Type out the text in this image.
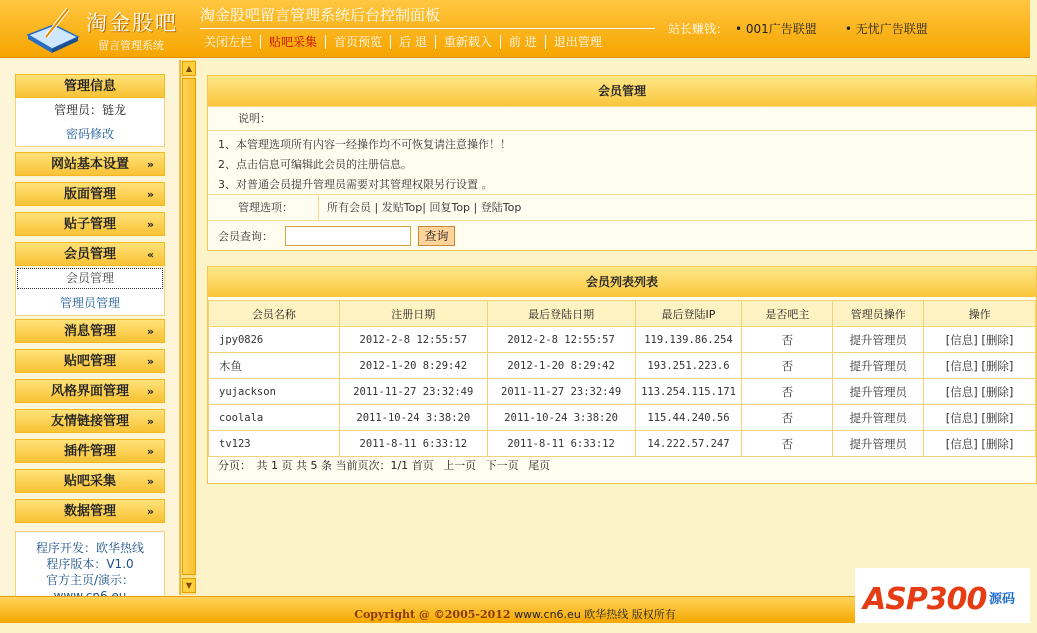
淘金股吧
留言管理系统
淘金股吧留言管理系统后台控制面板
关闭左栏	贴吧采集	首页预览	后 退	重新载入	前 进	退出管理
站长赚钱：	• 001广告联盟	• 无忧广告联盟
管理信息
管理员：链龙
密码修改
网站基本设置 »
版面管理	»
贴子管理	»
会员管理	»
会员管理
管理员管理
消息管理	»
贴吧管理	»
风格界面管理 »
友情链接管理 »
插件管理	»
贴吧采集	»
数据管理	»
程序开发：欧华热线
程序版本：V1.0
官方主页/演示：
▲
▼
会员管理
说明：
1、本管理选项所有内容一经操作均不可恢复请注意操作！！
2、点击信息可编辑此会员的注册信息。
3、对普通会员提升管理员需要对其管理权限另行设置 。
管理选项：	所有会员 | 发贴Top| 回复Top | 登陆Top
会员查询：	查询
会员列表列表
会员名称	注册日期	最后登陆日期	最后登陆IP	是否吧主	管理员操作	操作
jpy0826	2012-2-8 12:55:57	2012-2-8 12:55:57	119.139.86.254	否	提升管理员	[信息] [删除]
木鱼	2012-1-20 8:29:42	2012-1-20 8:29:42	193.251.223.6	否	提升管理员	[信息] [删除]
yujackson	2011-11-27 23:32:49	2011-11-27 23:32:49	113.254.115.171	否	提升管理员	[信息] [删除]
coolala	2011-10-24 3:38:20	2011-10-24 3:38:20	115.44.240.56	否	提升管理员	[信息] [删除]
tv123	2011-8-11 6:33:12	2011-8-11 6:33:12	14.222.57.247	否	提升管理员	[信息] [删除]
分页：　共 1 页 共 5 条 当前页次：1/1 首页 上一页 下一页 尾页
Copyright @ ©2005-2012 www.cn6.eu 欧华热线 版权所有	ASP300 源码
